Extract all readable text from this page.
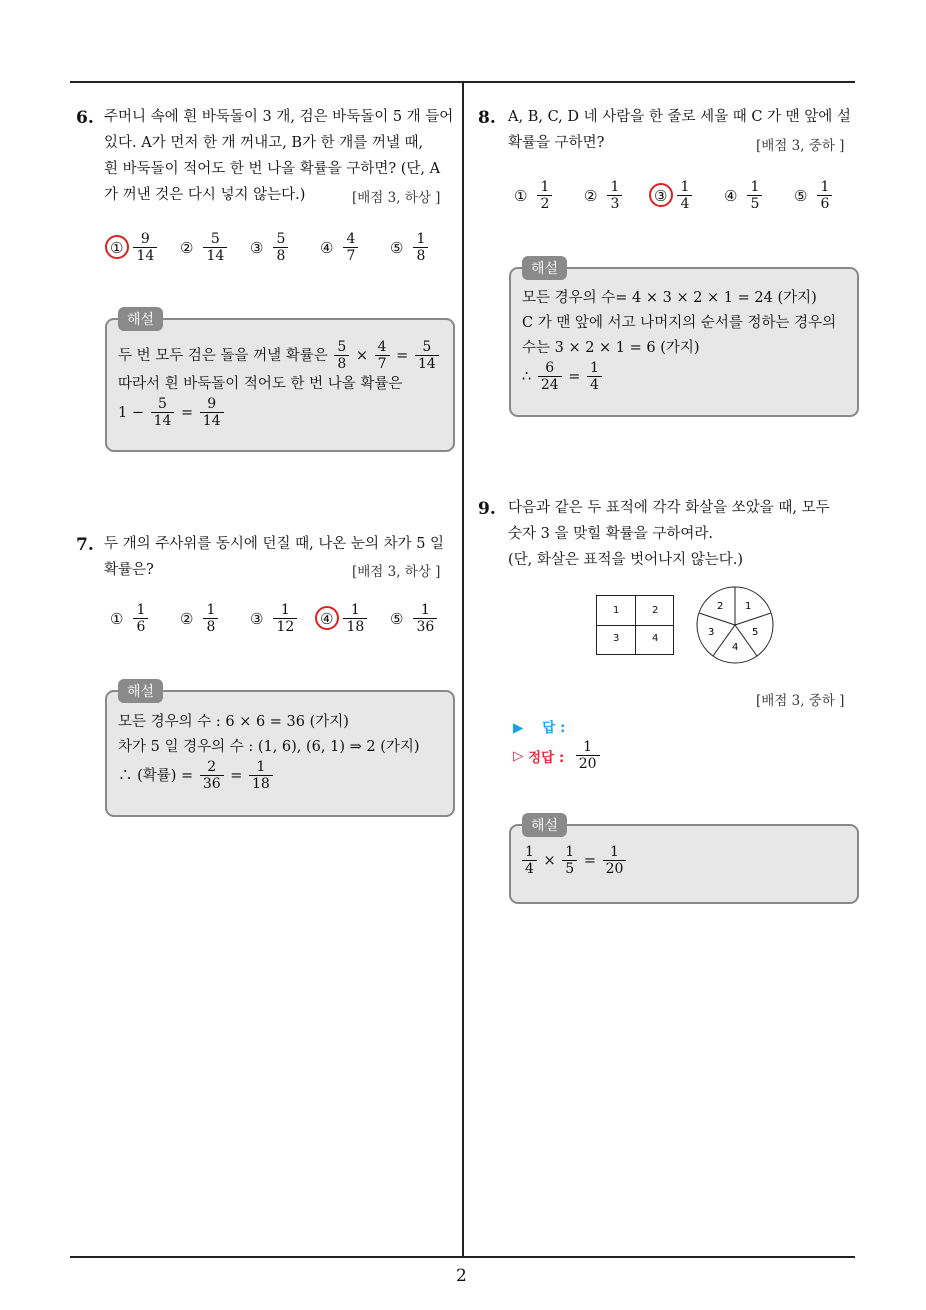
2
6. 주머니 속에 흰 바둑돌이 3 개, 검은 바둑돌이 5 개 들어
있다. A가 먼저 한 개 꺼내고, B가 한 개를 꺼낼 때,
흰 바둑돌이 적어도 한 번 나올 확률을 구하면? (단, A
가 꺼낸 것은 다시 넣지 않는다.)	[배점 3, 하상 ]
① $\frac{9}{14}$ ② $\frac{5}{14}$ ③ $\frac{5}{8}$ ④ $\frac{4}{7}$ ⑤ $\frac{1}{8}$
해설
두 번 모두 검은 돌을 꺼낼 확률은
$\frac{5}{8} \times \frac{4}{7} = \frac{5}{14}$
따라서 흰 바둑돌이 적어도 한 번 나올 확률은
1 −
$\frac{5}{14} = \frac{9}{14}$
7. 두 개의 주사위를 동시에 던질 때, 나온 눈의 차가 5 일
확률은?	[배점 3, 하상 ]
① $\frac{1}{6}$ ② $\frac{1}{8}$ ③ $\frac{1}{12}$ ④ $\frac{1}{18}$ ⑤ $\frac{1}{36}$
해설
모든 경우의 수 : 6 × 6 = 36 (가지)
차가 5 일 경우의 수 : (1, 6), (6, 1) ⇒ 2 (가지)
∴ (확률) =
$\frac{2}{36} = \frac{1}{18}$
8. A, B, C, D 네 사람을 한 줄로 세울 때 C 가 맨 앞에 설
확률을 구하면?	[배점 3, 중하 ]
① $\frac{1}{2}$ ② $\frac{1}{3}$ ③ $\frac{1}{4}$ ④ $\frac{1}{5}$ ⑤ $\frac{1}{6}$
해설
모든 경우의 수= 4 × 3 × 2 × 1 = 24 (가지)
C 가 맨 앞에 서고 나머지의 순서를 정하는 경우의
수는 3 × 2 × 1 = 6 (가지)
∴
$\frac{6}{24} = \frac{1}{4}$
9. 다음과 같은 두 표적에 각각 화살을 쏘았을 때, 모두
숫자 3 을 맞힐 확률을 구하여라.
(단, 화살은 표적을 벗어나지 않는다.)
1	2
3	4
1
2
3
4
5
[배점 3, 중하 ]
▶ 답 :
▷
정답 :
$\frac{1}{20}$
해설
$\frac{1}{4} \times \frac{1}{5} = \frac{1}{20}$
